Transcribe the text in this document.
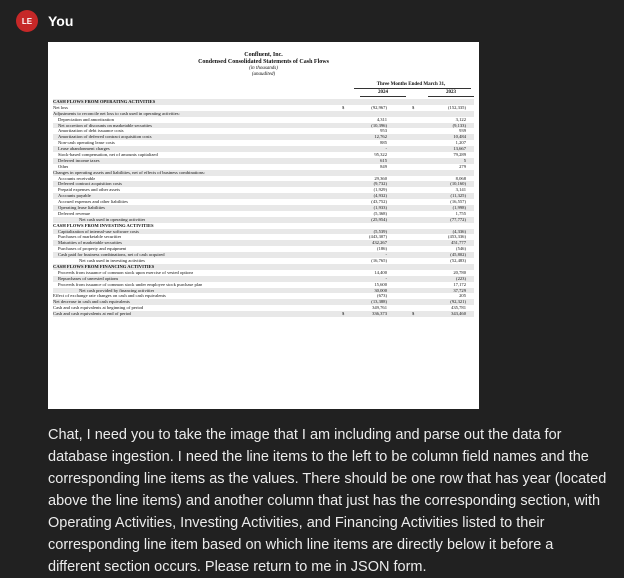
LE	You
Confluent, Inc.
Condensed Consolidated Statements of Cash Flows
(in thousands)
(unaudited)
Three Months Ended March 31,
2024	2023
CASH FLOWS FROM OPERATING ACTIVITIES
Net loss	$	(92,967)	$	(152,335)
Adjustments to reconcile net loss to cash used in operating activities:
Depreciation and amortization	4,311	3,122
Net accretion of discounts on marketable securities	(10,396)	(9,133)
Amortization of debt issuance costs	953	939
Amortization of deferred contract acquisition costs	12,762	10,484
Non-cash operating lease costs	885	1,207
Lease abandonment charges	-	13,667
Stock-based compensation, net of amounts capitalized	95,322	79,289
Deferred income taxes	615	5
Other	849	279
Changes in operating assets and liabilities, net of effects of business combinations:
Accounts receivable	29,360	8,068
Deferred contract acquisition costs	(9,732)	(10,160)
Prepaid expenses and other assets	(1,929)	3,141
Accounts payable	(4,932)	(11,325)
Accrued expenses and other liabilities	(43,752)	(16,557)
Operating lease liabilities	(1,933)	(1,998)
Deferred revenue	(5,368)	1,755
Net cash used in operating activities	(25,954)	(77,772)
CASH FLOWS FROM INVESTING ACTIVITIES
Capitalization of internal-use software costs	(5,539)	(4,336)
Purchases of marketable securities	(443,307)	(453,336)
Maturities of marketable securities	432,267	451,777
Purchases of property and equipment	(186)	(546)
Cash paid for business combinations, net of cash acquired	-	(45,802)
Net cash used in investing activities	(16,765)	(52,483)
CASH FLOWS FROM FINANCING ACTIVITIES
Proceeds from issuance of common stock upon exercise of vested options	14,400	20,780
Repurchases of unvested options	-	(223)
Proceeds from issuance of common stock under employee stock purchase plan	15,600	17,172
Net cash provided by financing activities	30,000	37,729
Effect of exchange rate changes on cash and cash equivalents	(673)	205
Net decrease in cash and cash equivalents	(13,388)	(92,321)
Cash and cash equivalents at beginning of period	349,761	435,781
Cash and cash equivalents at end of period	$	336,373	$	343,460
Chat, I need you to take the image that I am including and parse out the data for database ingestion. I need the line items to the left to be column field names and the corresponding line items as the values. There should be one row that has year (located above the line items) and another column that just has the corresponding section, with Operating Activities, Investing Activities, and Financing Activities listed to their corresponding line item based on which line items are directly below it before a different section occurs. Please return to me in JSON form.
